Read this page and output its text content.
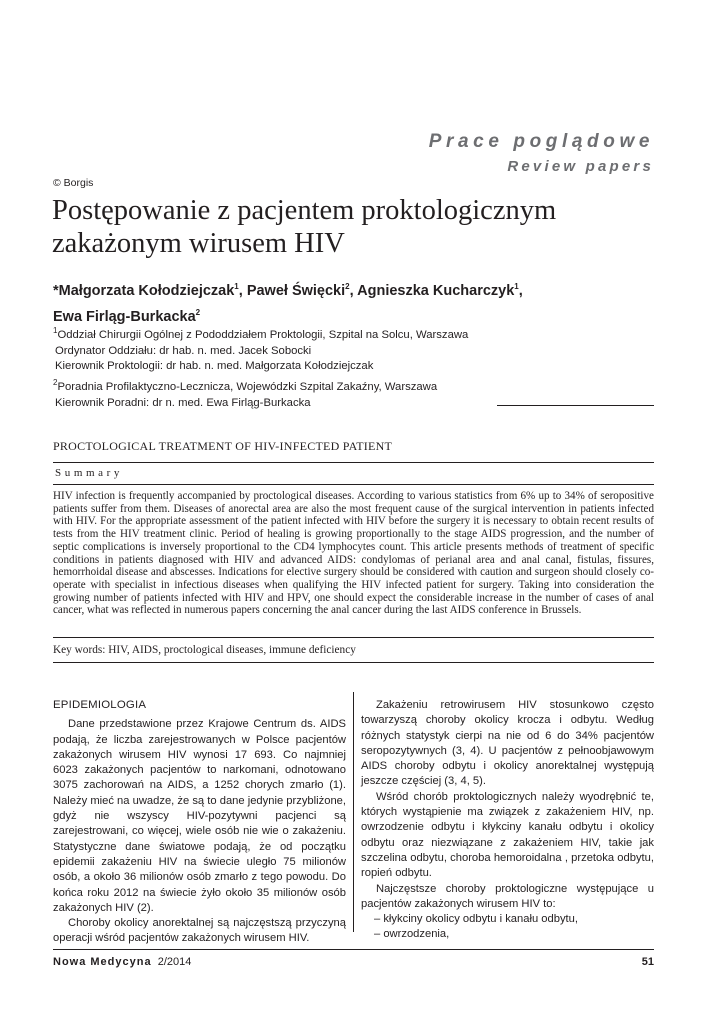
Prace poglądowe
Review papers
© Borgis
Postępowanie z pacjentem proktologicznym
zakażonym wirusem HIV
*Małgorzata Kołodziejczak$^1$, Paweł Święcki$^2$, Agnieszka Kucharczyk$^1$,
Ewa Firląg-Burkacka$^2$
$^1$Oddział Chirurgii Ogólnej z Pododdziałem Proktologii, Szpital na Solcu, Warszawa
Ordynator Oddziału: dr hab. n. med. Jacek Sobocki
Kierownik Proktologii: dr hab. n. med. Małgorzata Kołodziejczak
$^2$Poradnia Profilaktyczno-Lecznicza, Wojewódzki Szpital Zakaźny, Warszawa
Kierownik Poradni: dr n. med. Ewa Firląg-Burkacka
PROCTOLOGICAL TREATMENT OF HIV-INFECTED PATIENT
Summary
HIV infection is frequently accompanied by proctological diseases. According to various statistics from 6% up to 34% of seropositive patients suffer from them. Diseases of anorectal area are also the most frequent cause of the surgical intervention in patients infected with HIV. For the appropriate assessment of the patient infected with HIV before the surgery it is necessary to obtain recent results of tests from the HIV treatment clinic. Period of healing is growing proportionally to the stage AIDS progression, and the number of septic complications is inversely proportional to the CD4 lymphocytes count. This article presents methods of treatment of specific conditions in patients diagnosed with HIV and advanced AIDS: condylomas of perianal area and anal canal, fistulas, fissures, hemorrhoidal disease and abscesses. Indications for elective surgery should be considered with caution and surgeon should closely co-operate with specialist in infectious diseases when qualifying the HIV infected patient for surgery. Taking into consideration the growing number of patients infected with HIV and HPV, one should expect the considerable increase in the number of cases of anal cancer, what was reflected in numerous papers concerning the anal cancer during the last AIDS conference in Brussels.
Key words: HIV, AIDS, proctological diseases, immune deficiency
EPIDEMIOLOGIA

Dane przedstawione przez Krajowe Centrum ds. AIDS podają, że liczba zarejestrowanych w Polsce pacjentów zakażonych wirusem HIV wynosi 17 693. Co najmniej 6023 zakażonych pacjentów to narkomani, odnotowano 3075 zachorowań na AIDS, a 1252 chorych zmarło (1). Należy mieć na uwadze, że są to dane jedynie przybliżone, gdyż nie wszyscy HIV-pozytywni pacjenci są zarejestrowani, co więcej, wiele osób nie wie o zakażeniu. Statystyczne dane światowe podają, że od początku epidemii zakażeniu HIV na świecie uległo 75 milionów osób, a około 36 milionów osób zmarło z tego powodu. Do końca roku 2012 na świecie żyło około 35 milionów osób zakażonych HIV (2).

Choroby okolicy anorektalnej są najczęstszą przyczyną operacji wśród pacjentów zakażonych wirusem HIV.

Zakażeniu retrowirusem HIV stosunkowo często towarzyszą choroby okolicy krocza i odbytu. Według różnych statystyk cierpi na nie od 6 do 34% pacjentów seropozytywnych (3, 4). U pacjentów z pełnoobjawowym AIDS choroby odbytu i okolicy anorektalnej występują jeszcze częściej (3, 4, 5).

Wśród chorób proktologicznych należy wyodrębnić te, których wystąpienie ma związek z zakażeniem HIV, np. owrzodzenie odbytu i kłykciny kanału odbytu i okolicy odbytu oraz niezwiązane z zakażeniem HIV, takie jak szczelina odbytu, choroba hemoroidalna , przetoka odbytu, ropień odbytu.

Najczęstsze choroby proktologiczne występujące u pacjentów zakażonych wirusem HIV to:

– kłykciny okolicy odbytu i kanału odbytu,

– owrzodzenia,

Nowa Medycyna 2/2014	51
